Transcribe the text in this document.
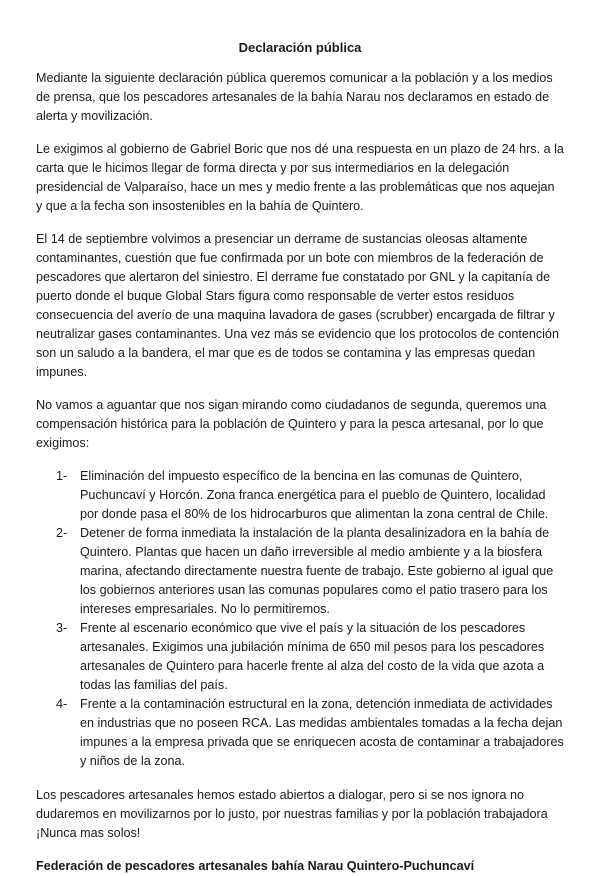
Declaración pública

Mediante la siguiente declaración pública queremos comunicar a la población y a los medios de prensa, que los pescadores artesanales de la bahía Narau nos declaramos en estado de alerta y movilización.

Le exigimos al gobierno de Gabriel Boric que nos dé una respuesta en un plazo de 24 hrs. a la carta que le hicimos llegar de forma directa y por sus intermediarios en la delegación presidencial de Valparaíso, hace un mes y medio frente a las problemáticas que nos aquejan y que a la fecha son insostenibles en la bahía de Quintero.

El 14 de septiembre volvimos a presenciar un derrame de sustancias oleosas altamente contaminantes, cuestión que fue confirmada por un bote con miembros de la federación de pescadores que alertaron del siniestro. El derrame fue constatado por GNL y la capitanía de puerto donde el buque Global Stars figura como responsable de verter estos residuos consecuencia del averío de una maquina lavadora de gases (scrubber) encargada de filtrar y neutralizar gases contaminantes. Una vez más se evidencio que los protocolos de contención son un saludo a la bandera, el mar que es de todos se contamina y las empresas quedan impunes.

No vamos a aguantar que nos sigan mirando como ciudadanos de segunda, queremos una compensación histórica para la población de Quintero y para la pesca artesanal, por lo que exigimos:

1-	Eliminación del impuesto específico de la bencina en las comunas de Quintero, Puchuncaví y Horcón. Zona franca energética para el pueblo de Quintero, localidad por donde pasa el 80% de los hidrocarburos que alimentan la zona central de Chile.
2-	Detener de forma inmediata la instalación de la planta desalinizadora en la bahía de Quintero. Plantas que hacen un daño irreversible al medio ambiente y a la biosfera marina, afectando directamente nuestra fuente de trabajo. Este gobierno al igual que los gobiernos anteriores usan las comunas populares como el patio trasero para los intereses empresariales. No lo permitiremos.
3-	Frente al escenario económico que vive el país y la situación de los pescadores artesanales. Exigimos una jubilación mínima de 650 mil pesos para los pescadores artesanales de Quintero para hacerle frente al alza del costo de la vida que azota a todas las familias del país.
4-	Frente a la contaminación estructural en la zona, detención inmediata de actividades en industrias que no poseen RCA. Las medidas ambientales tomadas a la fecha dejan impunes a la empresa privada que se enriquecen acosta de contaminar a trabajadores y niños de la zona.

Los pescadores artesanales hemos estado abiertos a dialogar, pero si se nos ignora no dudaremos en movilizarnos por lo justo, por nuestras familias y por la población trabajadora
¡Nunca mas solos!

Federación de pescadores artesanales bahía Narau Quintero-Puchuncaví
